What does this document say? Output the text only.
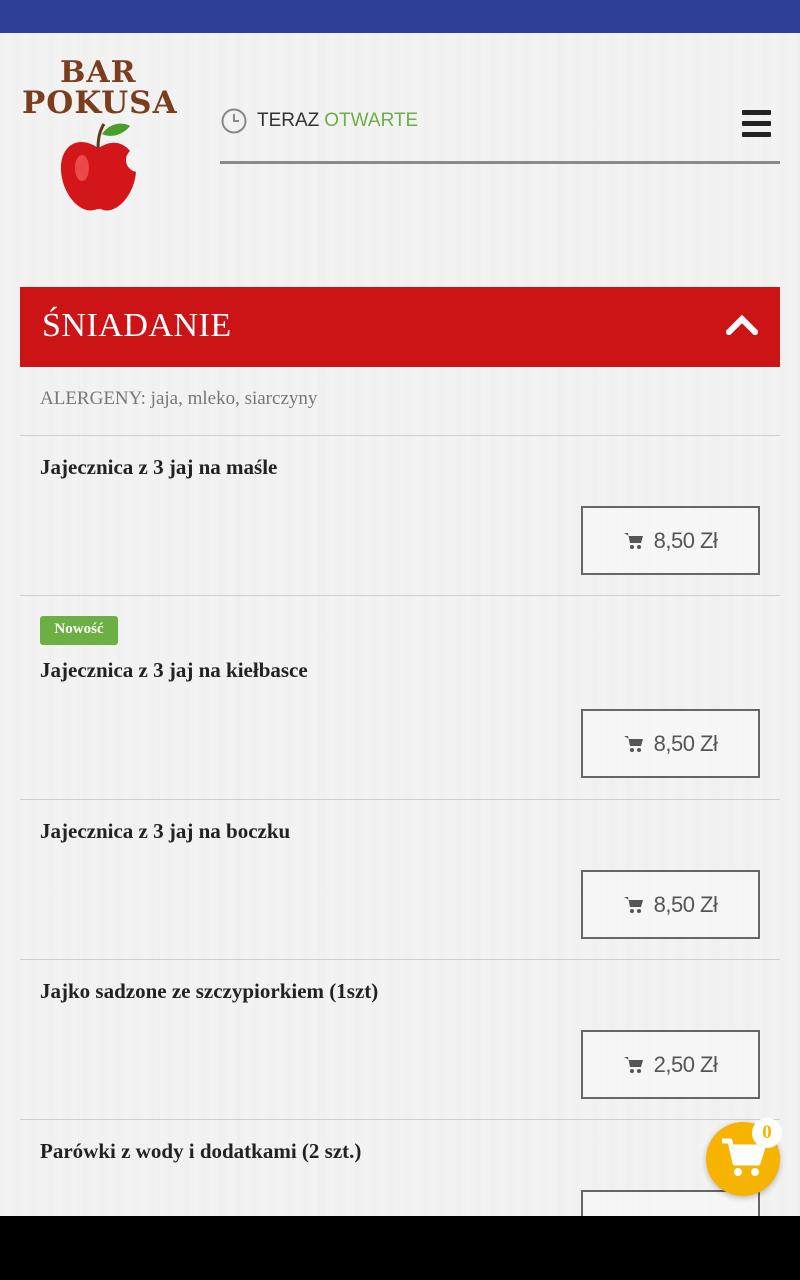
BAR
POKUSA	TERAZ OTWARTE
ŚNIADANIE
ALERGENY: jaja, mleko, siarczyny
Jajecznica z 3 jaj na maśle
8,50 Zł
Nowość
Jajecznica z 3 jaj na kiełbasce
8,50 Zł
Jajecznica z 3 jaj na boczku
8,50 Zł
Jajko sadzone ze szczypiorkiem (1szt)
2,50 Zł
Parówki z wody i dodatkami (2 szt.)
0
